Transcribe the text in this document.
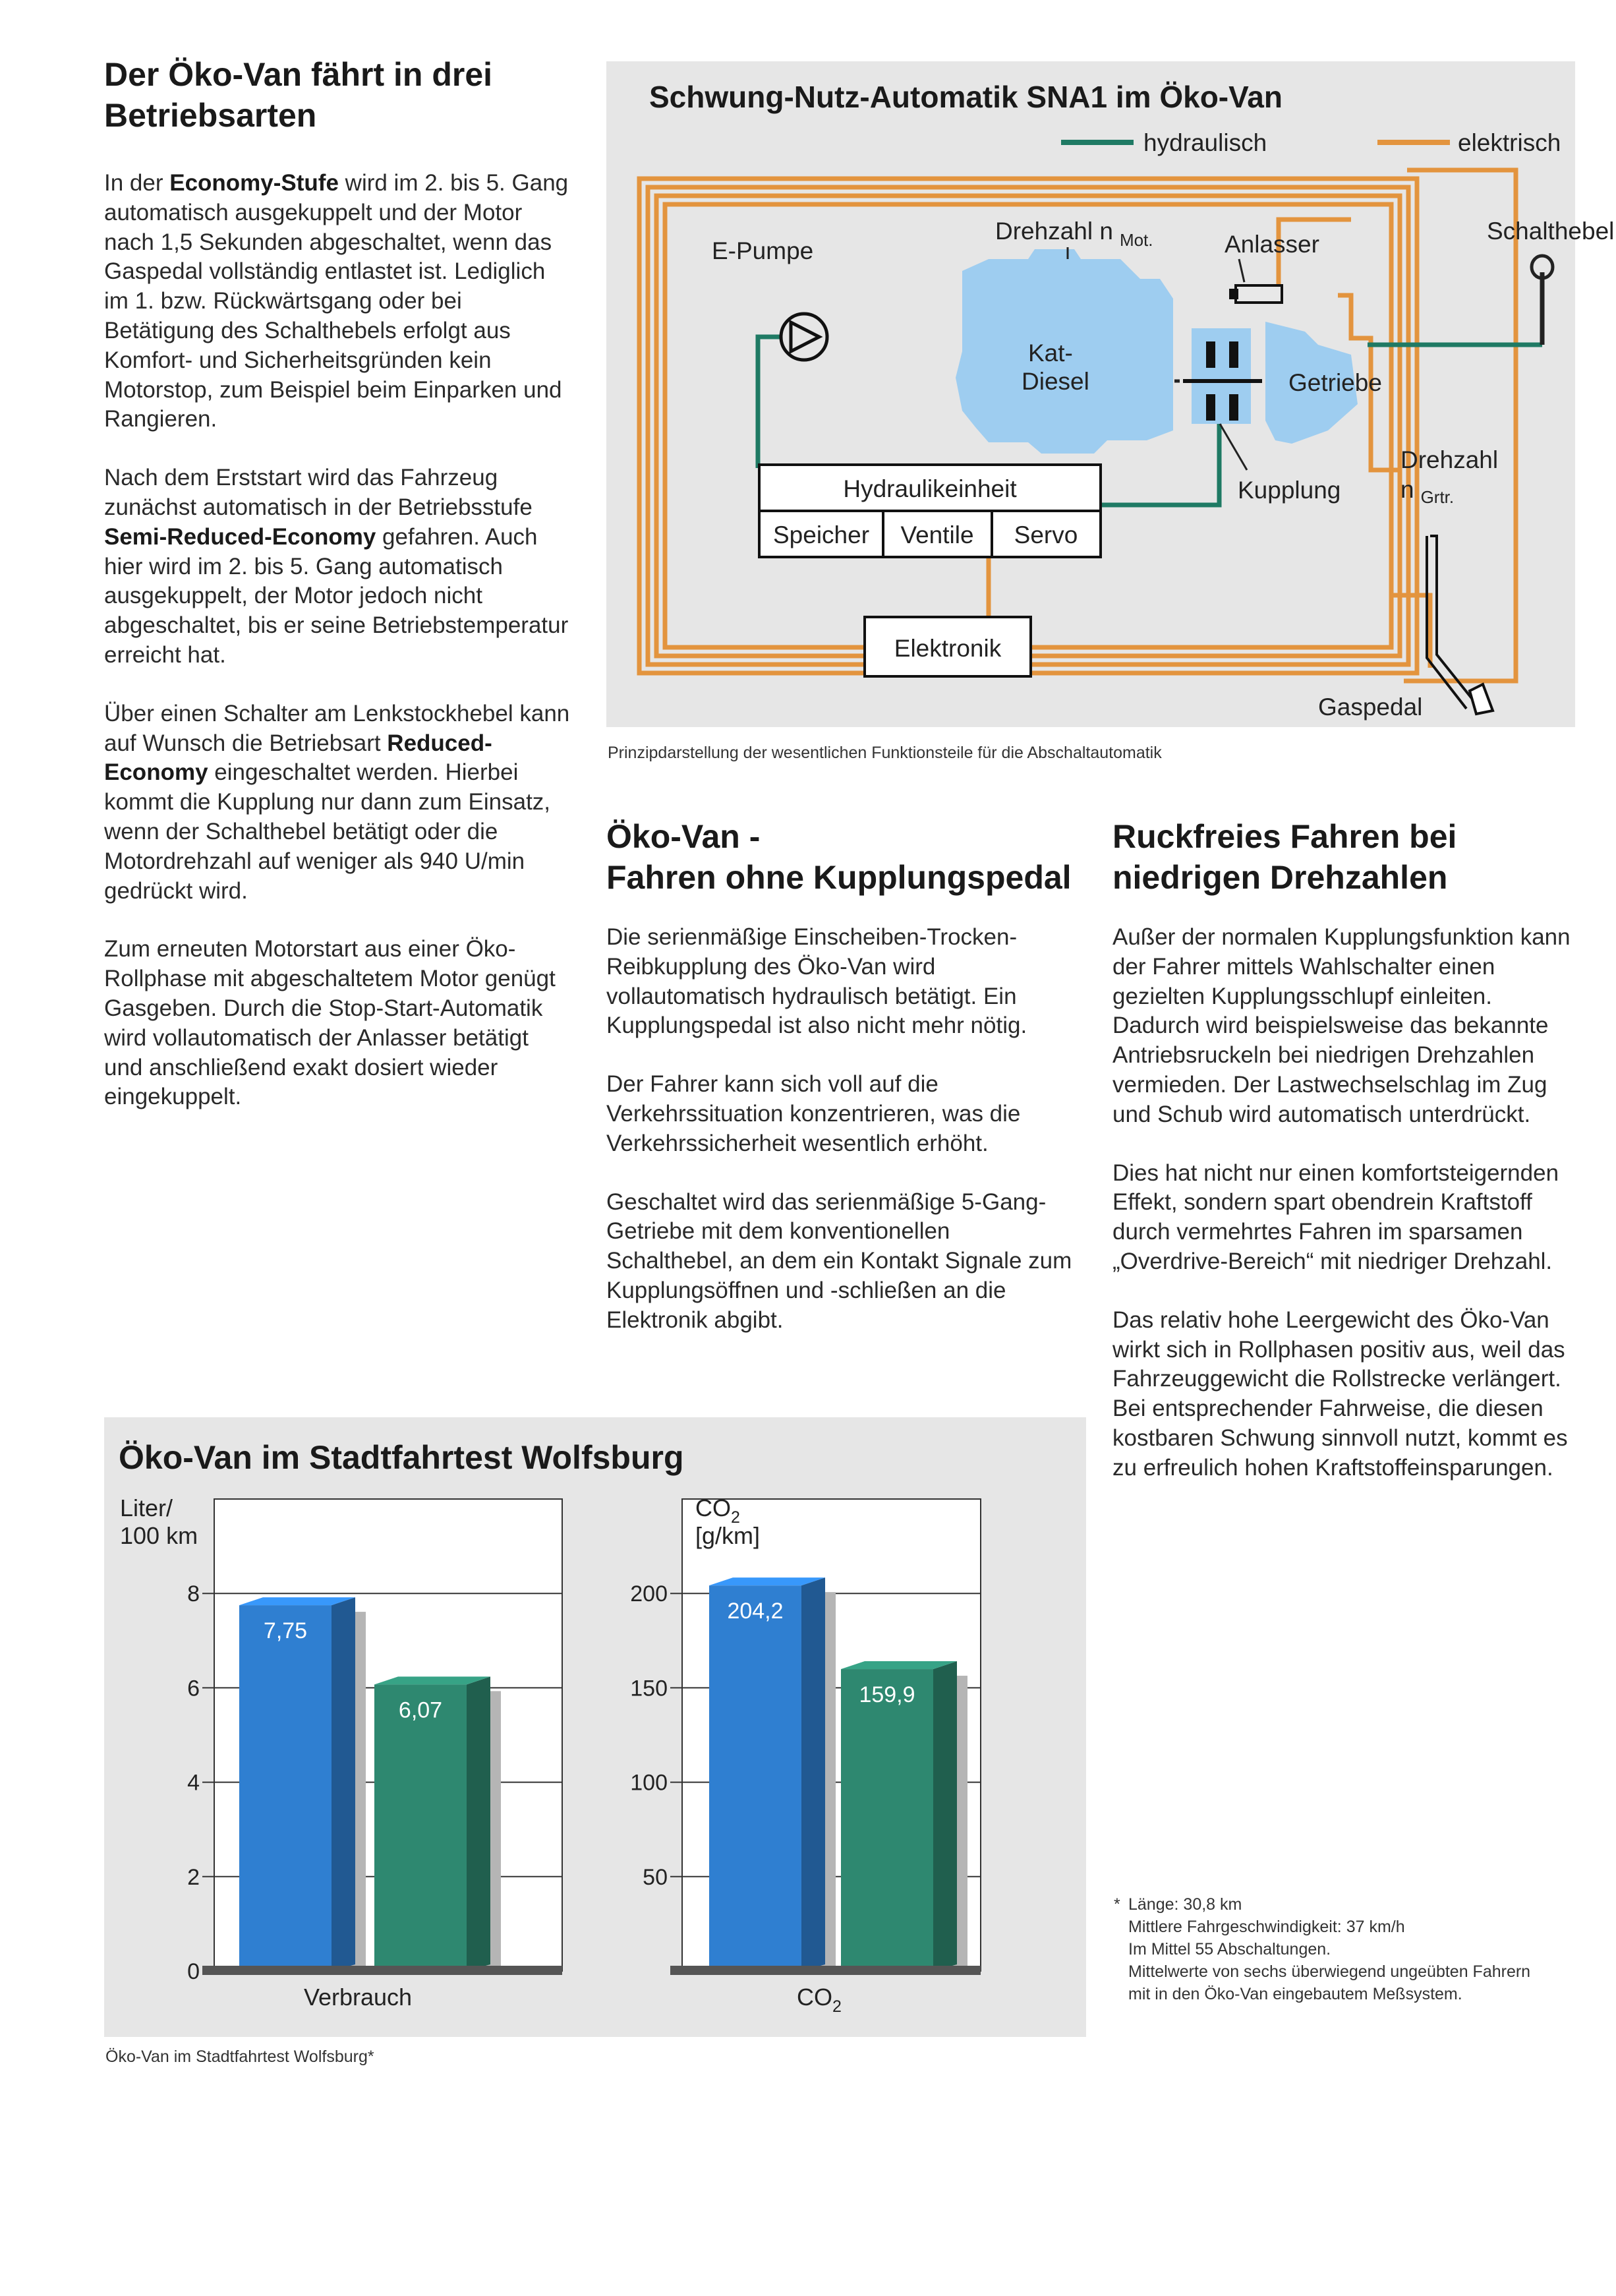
Der Öko-Van fährt in drei Betriebsarten

In der Economy-Stufe wird im 2. bis 5. Gang automatisch ausgekuppelt und der Motor nach 1,5 Sekunden abgeschaltet, wenn das Gaspedal vollständig entlastet ist. Lediglich im 1. bzw. Rückwärtsgang oder bei Betätigung des Schalthebels erfolgt aus Komfort- und Sicherheitsgründen kein Motorstop, zum Beispiel beim Einparken und Rangieren.

Nach dem Erststart wird das Fahrzeug zunächst automatisch in der Betriebsstufe Semi-Reduced-Economy gefahren. Auch hier wird im 2. bis 5. Gang automatisch ausgekuppelt, der Motor jedoch nicht abgeschaltet, bis er seine Betriebstemperatur erreicht hat.

Über einen Schalter am Lenkstockhebel kann auf Wunsch die Betriebsart Reduced-Economy eingeschaltet werden. Hierbei kommt die Kupplung nur dann zum Einsatz, wenn der Schalthebel betätigt oder die Motordrehzahl auf weniger als 940 U/min gedrückt wird.

Zum erneuten Motorstart aus einer Öko-Rollphase mit abgeschaltetem Motor genügt Gasgeben. Durch die Stop-Start-Automatik wird vollautomatisch der Anlasser betätigt und anschließend exakt dosiert wieder eingekuppelt.

Schwung-Nutz-Automatik SNA1 im Öko-Van
hydraulisch	elektrisch
Schalthebel
E-Pumpe
Kat-
Diesel
Drehzahl n $_{Mot.}$
Kupplung
Anlasser
Getriebe
Drehzahl
n $_{Grtr.}$
Hydraulikeinheit
Speicher Ventile Servo
Elektronik
Gaspedal
Prinzipdarstellung der wesentlichen Funktionsteile für die Abschaltautomatik
Öko-Van -
Fahren ohne Kupplungspedal

Die serienmäßige Einscheiben-Trocken-Reibkupplung des Öko-Van wird vollautomatisch hydraulisch betätigt. Ein Kupplungspedal ist also nicht mehr nötig.

Der Fahrer kann sich voll auf die Verkehrssituation konzentrieren, was die Verkehrssicherheit wesentlich erhöht.

Geschaltet wird das serienmäßige 5-Gang-Getriebe mit dem konventionellen Schalthebel, an dem ein Kontakt Signale zum Kupplungsöffnen und -schließen an die Elektronik abgibt.

Ruckfreies Fahren bei
niedrigen Drehzahlen

Außer der normalen Kupplungsfunktion kann der Fahrer mittels Wahlschalter einen gezielten Kupplungsschlupf einleiten. Dadurch wird beispielsweise das bekannte Antriebsruckeln bei niedrigen Drehzahlen vermieden. Der Lastwechselschlag im Zug und Schub wird automatisch unterdrückt.

Dies hat nicht nur einen komfortsteigernden Effekt, sondern spart obendrein Kraftstoff durch vermehrtes Fahren im sparsamen „Overdrive-Bereich“ mit niedriger Drehzahl.

Das relativ hohe Leergewicht des Öko-Van wirkt sich in Rollphasen positiv aus, weil das Fahrzeuggewicht die Rollstrecke verlängert. Bei entsprechender Fahrweise, die diesen kostbaren Schwung sinnvoll nutzt, kommt es zu erfreulich hohen Kraftstoffeinsparungen.

Öko-Van im Stadtfahrtest Wolfsburg
Liter/
100 km
0
2
4
6
8
7,75
6,07
Verbrauch
$CO_2$
[g/km]
50
100
150
200
204,2
159,9
$CO_2$
Öko-Van im Stadtfahrtest Wolfsburg*
* Länge: 30,8 km
Mittlere Fahrgeschwindigkeit: 37 km/h
Im Mittel 55 Abschaltungen.
Mittelwerte von sechs überwiegend ungeübten Fahrern mit in den Öko-Van eingebautem Meßsystem.
